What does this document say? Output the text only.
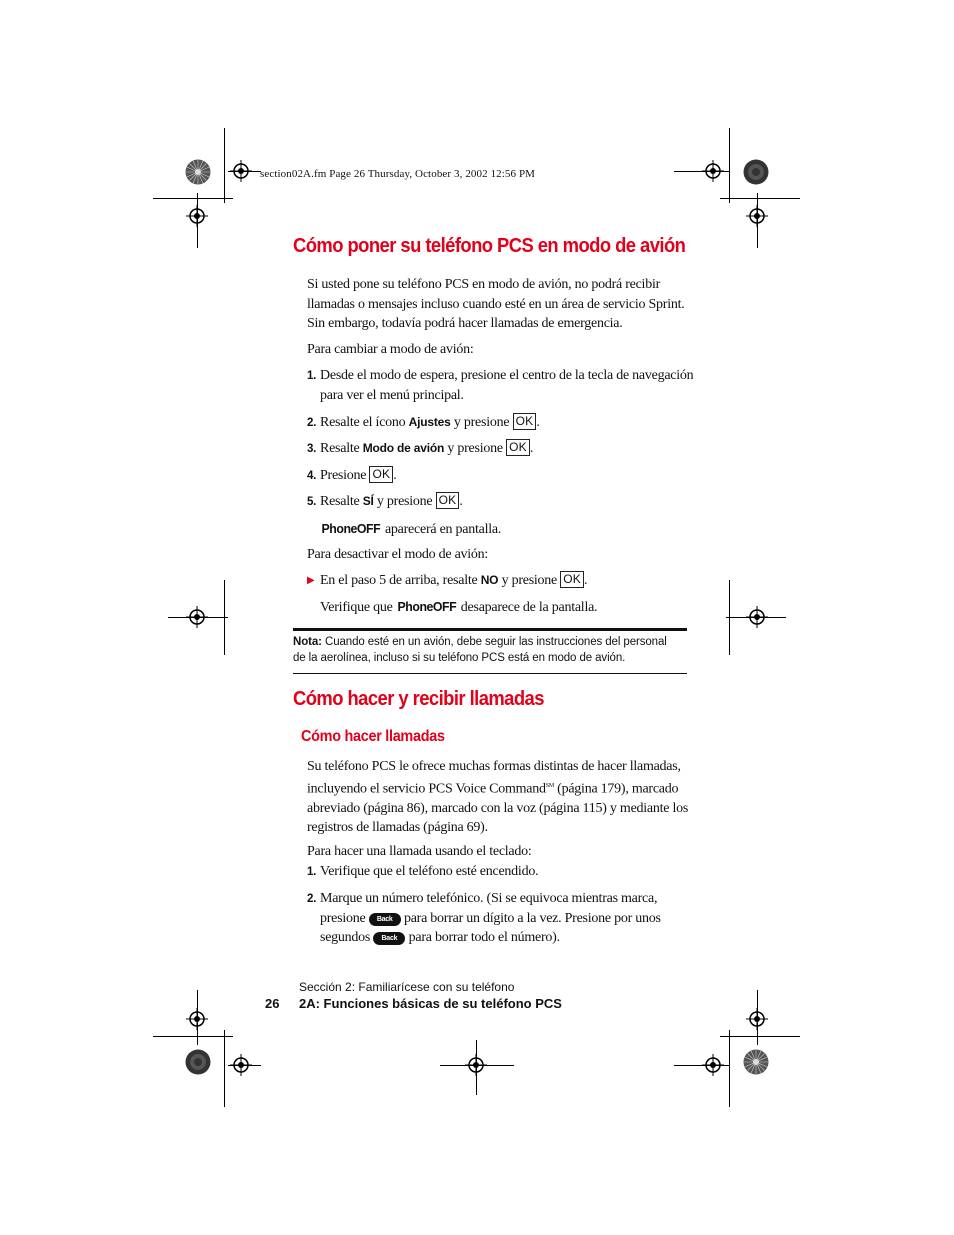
section02A.fm Page 26 Thursday, October 3, 2002 12:56 PM
Cómo poner su teléfono PCS en modo de avión

Si usted pone su teléfono PCS en modo de avión, no podrá recibir

llamadas o mensajes incluso cuando esté en un área de servicio Sprint.

Sin embargo, todavía podrá hacer llamadas de emergencia.

Para cambiar a modo de avión:
1. Desde el modo de espera, presione el centro de la tecla de navegación

para ver el menú principal.

2. Resalte el ícono Ajustes y presione OK .
3. Resalte Modo de avión y presione OK .
4. Presione OK .
5. Resalte SÍ y presione OK .
PhoneOFF aparecerá en pantalla.
Para desactivar el modo de avión:
▶ En el paso 5 de arriba, resalte NO y presione OK .
Verifique que PhoneOFF desaparece de la pantalla.
Nota: Cuando esté en un avión, debe seguir las instrucciones del personal
de la aerolínea, incluso si su teléfono PCS está en modo de avión.
Cómo hacer y recibir llamadas
Cómo hacer llamadas

Su teléfono PCS le ofrece muchas formas distintas de hacer llamadas,

incluyendo el servicio PCS Voice Command℠ (página 179), marcado

abreviado (página 86), marcado con la voz (página 115) y mediante los

registros de llamadas (página 69).

Para hacer una llamada usando el teclado:
1. Verifique que el teléfono esté encendido.
2. Marque un número telefónico. (Si se equivoca mientras marca,

presione Back para borrar un dígito a la vez. Presione por unos

segundos Back para borrar todo el número).

Sección 2: Familiarícese con su teléfono
26 2A: Funciones básicas de su teléfono PCS
